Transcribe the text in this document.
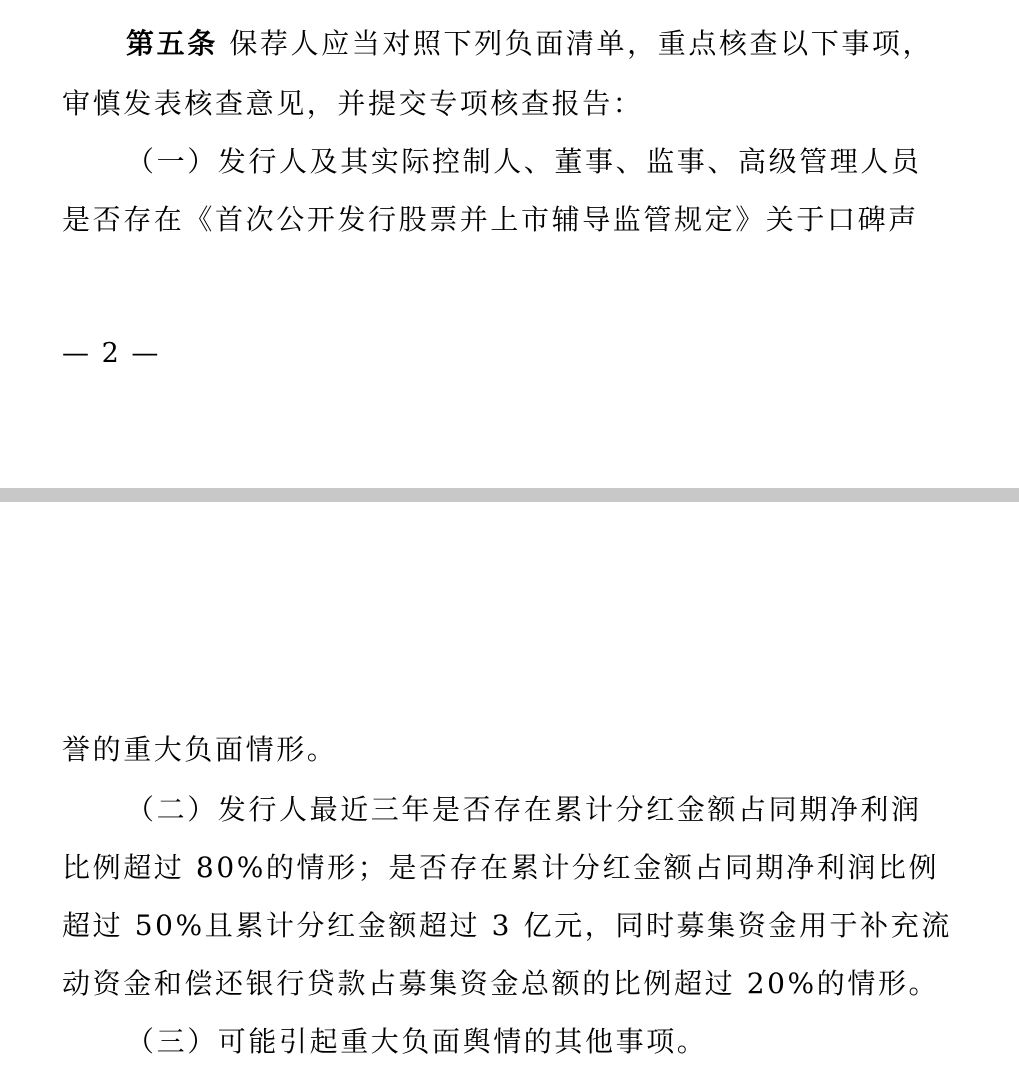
第五条 保荐人应当对照下列负面清单，重点核查以下事项，
审慎发表核查意见，并提交专项核查报告：
（一）发行人及其实际控制人、董事、监事、高级管理人员
是否存在《首次公开发行股票并上市辅导监管规定》关于口碑声
— 2 —
誉的重大负面情形。
（二）发行人最近三年是否存在累计分红金额占同期净利润
比例超过 80%的情形；是否存在累计分红金额占同期净利润比例
超过 50%且累计分红金额超过 3 亿元，同时募集资金用于补充流
动资金和偿还银行贷款占募集资金总额的比例超过 20%的情形。
（三）可能引起重大负面舆情的其他事项。
